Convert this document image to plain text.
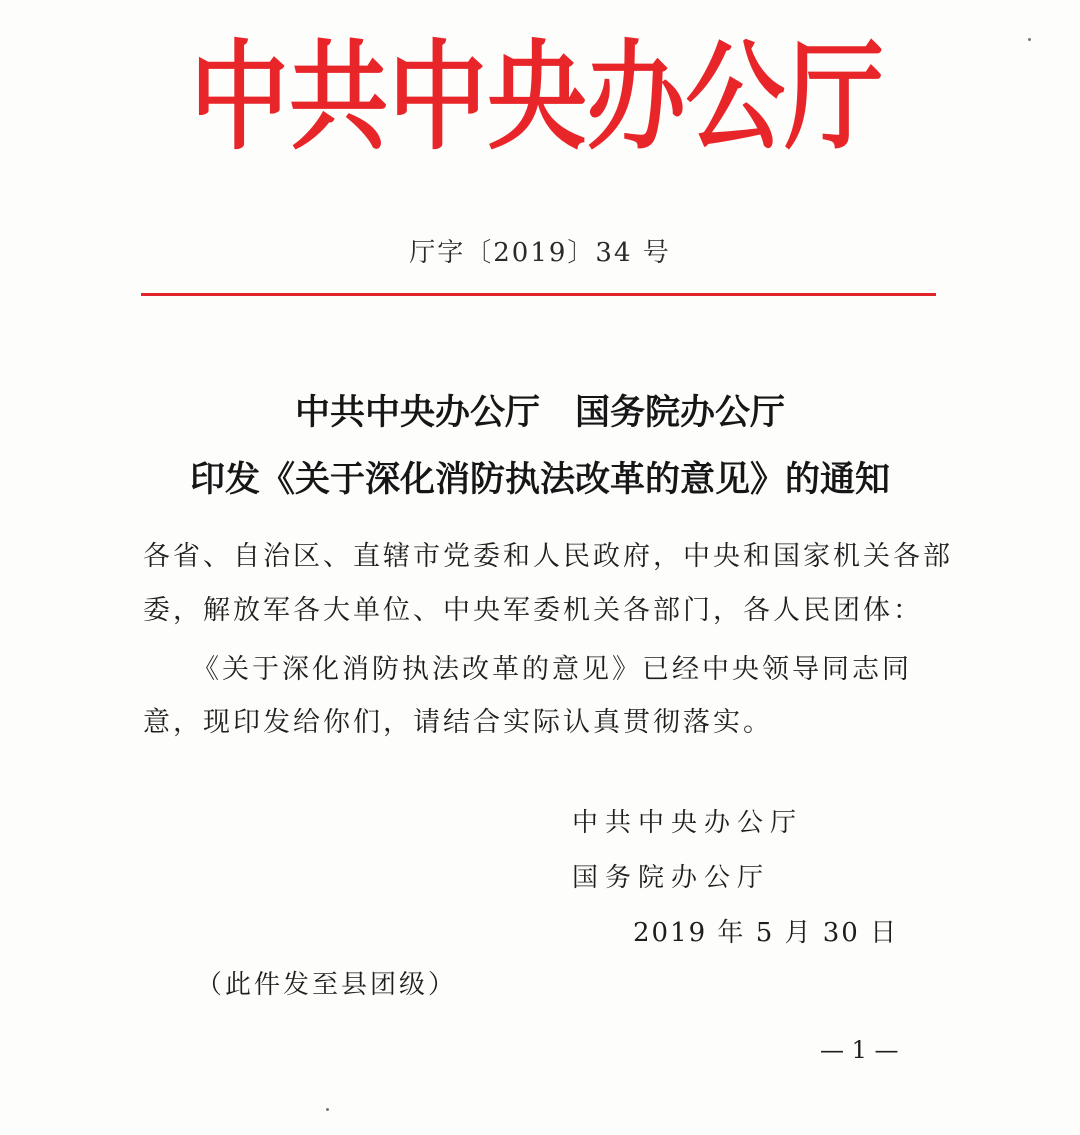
中共中央办公厅
厅字〔2019〕34 号
中共中央办公厅　国务院办公厅
印发《关于深化消防执法改革的意见》的通知
各省、自治区、直辖市党委和人民政府，中央和国家机关各部
委，解放军各大单位、中央军委机关各部门，各人民团体：
《关于深化消防执法改革的意见》已经中央领导同志同
意，现印发给你们，请结合实际认真贯彻落实。
中共中央办公厅
国务院办公厅
2019 年 5 月 30 日
（此件发至县团级）
— 1 —
